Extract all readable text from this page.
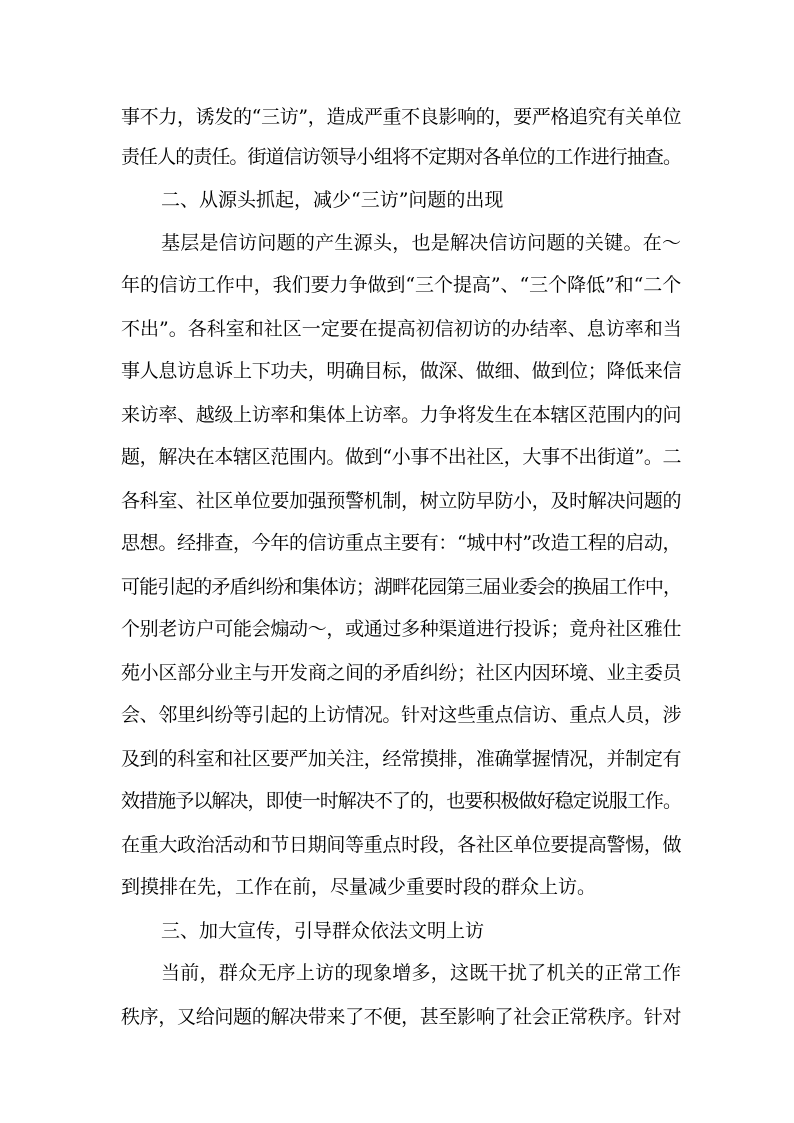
事不力，诱发的“三访”，造成严重不良影响的，要严格追究有关单位
责任人的责任。街道信访领导小组将不定期对各单位的工作进行抽查。
二、从源头抓起，减少“三访”问题的出现
基层是信访问题的产生源头，也是解决信访问题的关键。在～
年的信访工作中，我们要力争做到“三个提高”、“三个降低”和“二个
不出”。各科室和社区一定要在提高初信初访的办结率、息访率和当
事人息访息诉上下功夫，明确目标，做深、做细、做到位；降低来信
来访率、越级上访率和集体上访率。力争将发生在本辖区范围内的问
题，解决在本辖区范围内。做到“小事不出社区，大事不出街道”。二
各科室、社区单位要加强预警机制，树立防早防小，及时解决问题的
思想。经排查，今年的信访重点主要有：“城中村”改造工程的启动，
可能引起的矛盾纠纷和集体访；湖畔花园第三届业委会的换届工作中，
个别老访户可能会煽动～，或通过多种渠道进行投诉；竟舟社区雅仕
苑小区部分业主与开发商之间的矛盾纠纷；社区内因环境、业主委员
会、邻里纠纷等引起的上访情况。针对这些重点信访、重点人员，涉
及到的科室和社区要严加关注，经常摸排，准确掌握情况，并制定有
效措施予以解决，即使一时解决不了的，也要积极做好稳定说服工作。
在重大政治活动和节日期间等重点时段，各社区单位要提高警惕，做
到摸排在先，工作在前，尽量减少重要时段的群众上访。
三、加大宣传，引导群众依法文明上访
当前，群众无序上访的现象增多，这既干扰了机关的正常工作
秩序，又给问题的解决带来了不便，甚至影响了社会正常秩序。针对
